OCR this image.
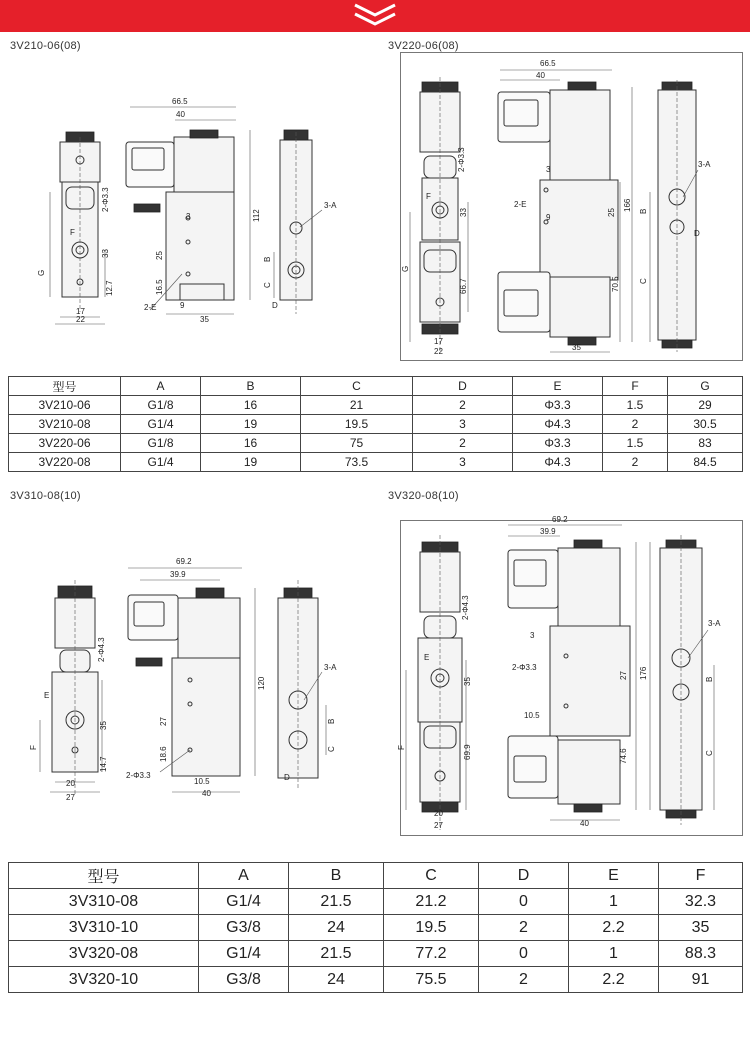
3V210-06(08)	3V220-06(08)
66.5
40
112
2-Φ3.3
F
33
G
12.7
17
22
3-A
B
C
D
3
25
16.5
2-E	9
35
66.5
40
2-Φ3.3
F
3
2-E
9
33	25
166 B
3-A
D
G
66.7	70.5 C
17
22	35
型号	A	B	C	D	E	F	G
3V210-06	G1/8	16	21	2	Φ3.3	1.5	29
3V210-08	G1/4	19	19.5	3	Φ4.3	2	30.5
3V220-06	G1/8	16	75	2	Φ3.3	1.5	83
3V220-08	G1/4	19	73.5	3	Φ4.3	2	84.5
3V310-08(10)	3V320-08(10)
69.2
39.9
120
2-Φ4.3
E
35
F
14.7
20
27
27
18.6
2-Φ3.3
10.5
40
3-A
B
C
D
69.2
39.9
2-Φ4.3
E
35
F	69.9
20
27
3
2-Φ3.3
27 176
10.5
74.6
40
3-A
B
C
型号	A	B	C	D	E	F
3V310-08	G1/4	21.5	21.2	0	1	32.3
3V310-10	G3/8	24	19.5	2	2.2	35
3V320-08	G1/4	21.5	77.2	0	1	88.3
3V320-10	G3/8	24	75.5	2	2.2	91
